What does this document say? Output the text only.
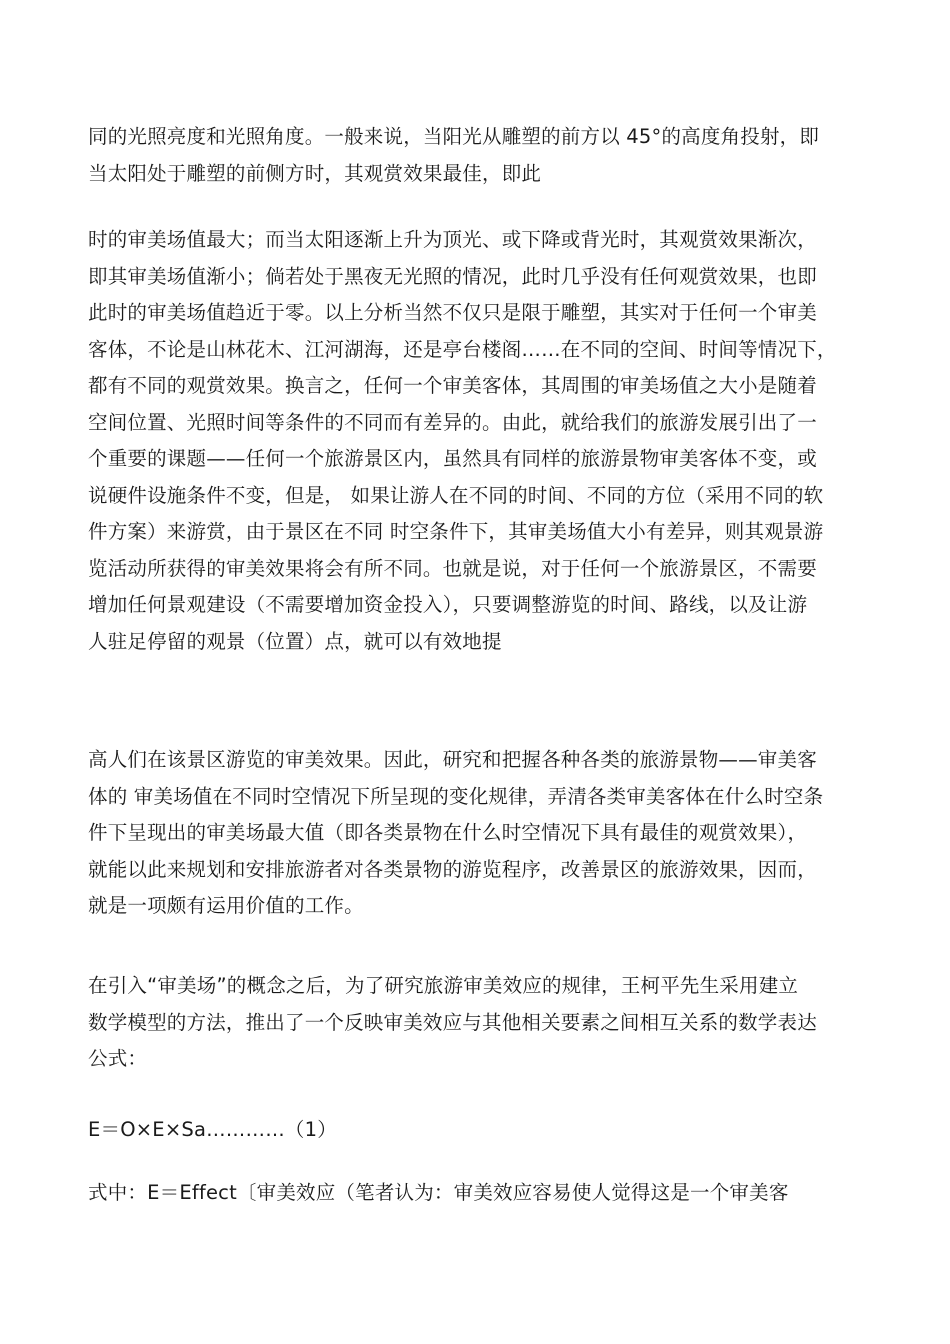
同的光照亮度和光照角度。一般来说，当阳光从雕塑的前方以 45°的高度角投射，即
当太阳处于雕塑的前侧方时，其观赏效果最佳，即此

时的审美场值最大；而当太阳逐渐上升为顶光、或下降或背光时，其观赏效果渐次，
即其审美场值渐小；倘若处于黑夜无光照的情况，此时几乎没有任何观赏效果，也即
此时的审美场值趋近于零。以上分析当然不仅只是限于雕塑，其实对于任何一个审美
客体，不论是山林花木、江河湖海，还是亭台楼阁……在不同的空间、时间等情况下，
都有不同的观赏效果。换言之，任何一个审美客体，其周围的审美场值之大小是随着
空间位置、光照时间等条件的不同而有差异的。由此，就给我们的旅游发展引出了一
个重要的课题——任何一个旅游景区内，虽然具有同样的旅游景物审美客体不变，或
说硬件设施条件不变，但是， 如果让游人在不同的时间、不同的方位（采用不同的软
件方案）来游赏，由于景区在不同 时空条件下，其审美场值大小有差异，则其观景游
览活动所获得的审美效果将会有所不同。也就是说，对于任何一个旅游景区，不需要
增加任何景观建设（不需要增加资金投入），只要调整游览的时间、路线，以及让游
人驻足停留的观景（位置）点，就可以有效地提

高人们在该景区游览的审美效果。因此，研究和把握各种各类的旅游景物——审美客
体的 审美场值在不同时空情况下所呈现的变化规律，弄清各类审美客体在什么时空条
件下呈现出的审美场最大值（即各类景物在什么时空情况下具有最佳的观赏效果），
就能以此来规划和安排旅游者对各类景物的游览程序，改善景区的旅游效果，因而，
就是一项颇有运用价值的工作。

在引入“审美场”的概念之后，为了研究旅游审美效应的规律，王柯平先生采用建立
数学模型的方法，推出了一个反映审美效应与其他相关要素之间相互关系的数学表达
公式：

E＝O×E×Sa…………（1）

式中：E＝Effect〔审美效应（笔者认为：审美效应容易使人觉得这是一个审美客
